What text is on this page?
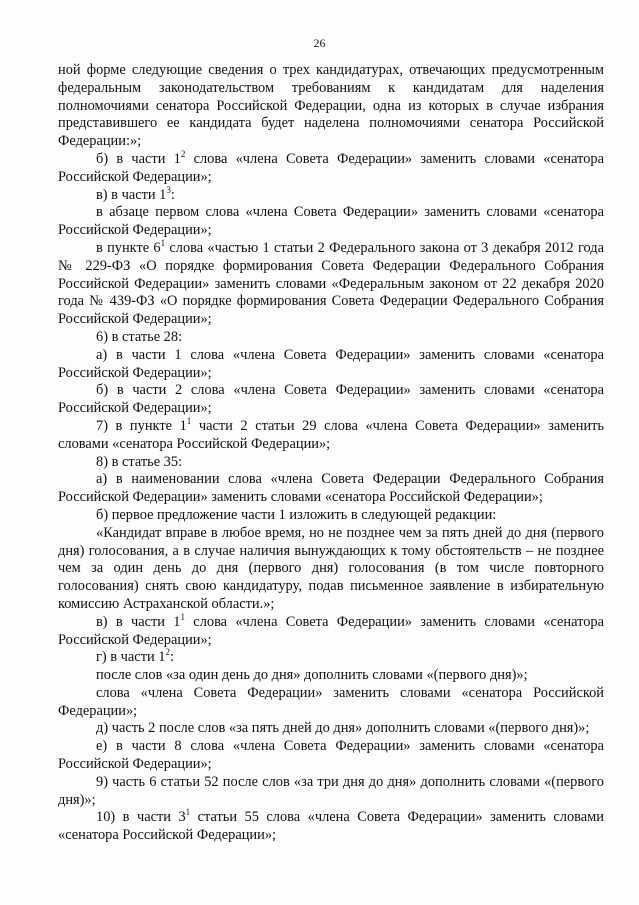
26

ной форме следующие сведения о трех кандидатурах, отвечающих предусмотренным федеральным законодательством требованиям к кандидатам для наделения полномочиями сенатора Российской Федерации, одна из которых в случае избрания представившего ее кандидата будет наделена полномочиями сенатора Российской Федерации:»;

б) в части $1^2$ слова «члена Совета Федерации» заменить словами «сенатора Российской Федерации»;

в) в части $1^3$:

в абзаце первом слова «члена Совета Федерации» заменить словами «сенатора Российской Федерации»;

в пункте $6^1$ слова «частью 1 статьи 2 Федерального закона от 3 декабря 2012 года № 229-ФЗ «О порядке формирования Совета Федерации Федерального Собрания Российской Федерации» заменить словами «Федеральным законом от 22 декабря 2020 года № 439-ФЗ «О порядке формирования Совета Федерации Федерального Собрания Российской Федерации»;

6) в статье 28:

а) в части 1 слова «члена Совета Федерации» заменить словами «сенатора Российской Федерации»;

б) в части 2 слова «члена Совета Федерации» заменить словами «сенатора Российской Федерации»;

7) в пункте $1^1$ части 2 статьи 29 слова «члена Совета Федерации» заменить словами «сенатора Российской Федерации»;

8) в статье 35:

а) в наименовании слова «члена Совета Федерации Федерального Собрания Российской Федерации» заменить словами «сенатора Российской Федерации»;

б) первое предложение части 1 изложить в следующей редакции:

«Кандидат вправе в любое время, но не позднее чем за пять дней до дня (первого дня) голосования, а в случае наличия вынуждающих к тому обстоятельств – не позднее чем за один день до дня (первого дня) голосования (в том числе повторного голосования) снять свою кандидатуру, подав письменное заявление в избирательную комиссию Астраханской области.»;

в) в части $1^1$ слова «члена Совета Федерации» заменить словами «сенатора Российской Федерации»;

г) в части $1^2$:

после слов «за один день до дня» дополнить словами «(первого дня)»;

слова «члена Совета Федерации» заменить словами «сенатора Российской Федерации»;

д) часть 2 после слов «за пять дней до дня» дополнить словами «(первого дня)»;

е) в части 8 слова «члена Совета Федерации» заменить словами «сенатора Российской Федерации»;

9) часть 6 статьи 52 после слов «за три дня до дня» дополнить словами «(первого дня)»;

10) в части $3^1$ статьи 55 слова «члена Совета Федерации» заменить словами «сенатора Российской Федерации»;
